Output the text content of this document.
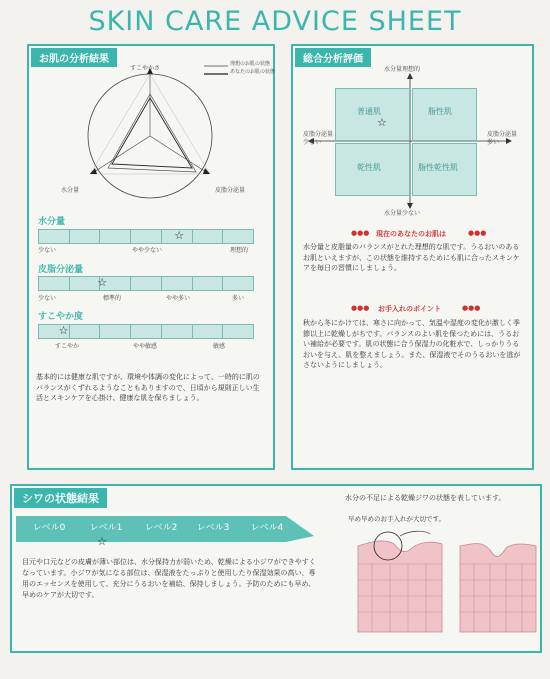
SKIN CARE ADVICE SHEET
お肌の分析結果
すこやかさ
水分量	皮脂分泌量
理想のお肌の状態
あなたのお肌の状態
水分量
☆
少ない	やや少ない	理想的
皮脂分泌量
☆
少ない	標準的	やや多い	多い
すこやか度
☆
すこやか	やや敏感	敏感
基本的には健康な肌ですが、環境や体調の変化によって、一時的に肌のバランスがくずれるようなこともありますので、日頃から規則正しい生活とスキンケアを心掛け、健康な肌を保ちましょう。
総合分析評価
水分量理想的
普通肌	脂性肌
乾性肌	脂性乾性肌
☆
皮脂分泌量
少ない
皮脂分泌量
多い
水分量少ない
●●● 現在のあなたのお肌は	●●●
水分量と皮脂量のバランスがとれた理想的な肌です。うるおいのあるお肌といえますが、この状態を維持するためにも肌に合ったスキンケアを毎日の習慣にしましょう。
●●● お手入れのポイント	●●●
秋から冬にかけては、寒さに向かって、気温や湿度の変化が激しく季節以上に乾燥しがちです。バランスのよい肌を保つためには、うるおい補給が必要です。肌の状態に合う保湿力の化粧水で、しっかりうるおいを与え、肌を整えましょう。また、保湿液でそのうるおいを逃がさないようにしましょう。
シワの状態結果
レベル0	レベル1	レベル2	レベル3	レベル4
☆
目元や口元などの皮膚が薄い部位は、水分保持力が弱いため、乾燥による小ジワができやすくなっています。小ジワが気になる部位は、保湿液をたっぷりと使用したり保湿効果の高い、専用のエッセンスを使用して、充分にうるおいを補給、保持しましょう。予防のためにも早め、早めのケアが大切です。
水分の不足による乾燥ジワの状態を表しています。
早め早めのお手入れが大切です。
